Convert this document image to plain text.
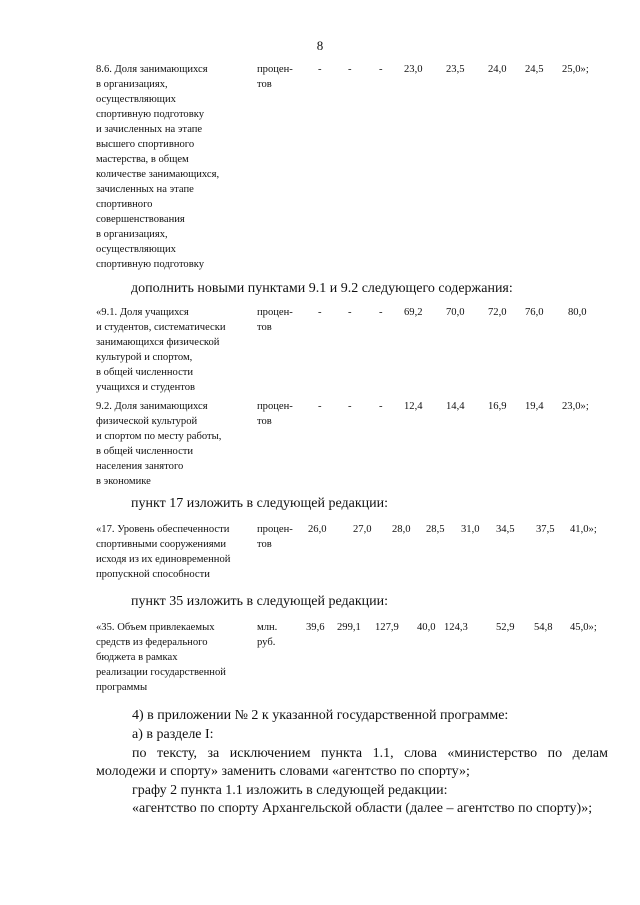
8
8.6. Доля занимающихся
в организациях,
осуществляющих
спортивную подготовку
и зачисленных на этапе
высшего спортивного
мастерства, в общем
количестве занимающихся,
зачисленных на этапе
спортивного
совершенствования
в организациях,
осуществляющих
спортивную подготовку
процен-
тов
- -	- 23,0 23,5 24,0 24,5 25,0»;
дополнить новыми пунктами 9.1 и 9.2 следующего содержания:
«9.1. Доля учащихся
и студентов, систематически
занимающихся физической
культурой и спортом,
в общей численности
учащихся и студентов
процен-
тов
- -	- 69,2 70,0 72,0 76,0 80,0
9.2. Доля занимающихся
физической культурой
и спортом по месту работы,
в общей численности
населения занятого
в экономике
процен-
тов
- -	- 12,4 14,4 16,9 19,4 23,0»;
пункт 17 изложить в следующей редакции:
«17. Уровень обеспеченности
спортивными сооружениями
исходя из их единовременной
пропускной способности
процен-
тов
26,0 27,0 28,0 28,5 31,0 34,5 37,5 41,0»;
пункт 35 изложить в следующей редакции:
«35. Объем привлекаемых
средств из федерального
бюджета в рамках
реализации государственной
программы
млн.
руб.
39,6 299,1 127,9 40,0 124,3	52,9 54,8 45,0»;
4) в приложении № 2 к указанной государственной программе:
а) в разделе I:
по тексту, за исключением пункта 1.1, слова «министерство по делам молодежи и спорту» заменить словами «агентство по спорту»;
графу 2 пункта 1.1 изложить в следующей редакции:
«агентство по спорту Архангельской области (далее – агентство по спорту)»;
